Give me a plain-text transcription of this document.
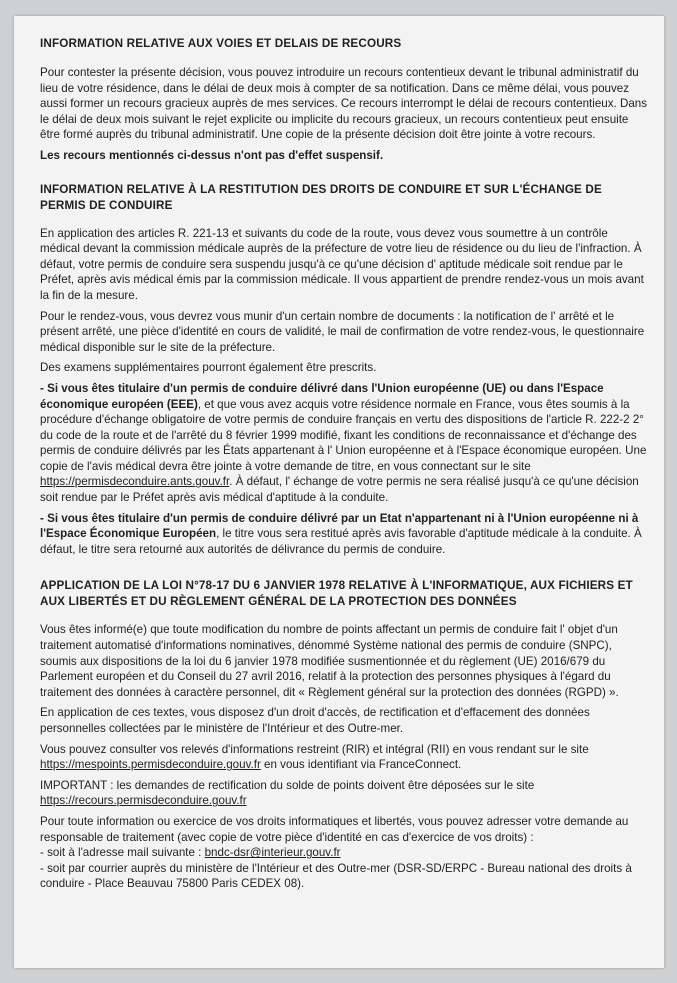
INFORMATION RELATIVE AUX VOIES ET DELAIS DE RECOURS
Pour contester la présente décision, vous pouvez introduire un recours contentieux devant le tribunal administratif du lieu de votre résidence, dans le délai de deux mois à compter de sa notification. Dans ce même délai, vous pouvez aussi former un recours gracieux auprès de mes services. Ce recours interrompt le délai de recours contentieux. Dans le délai de deux mois suivant le rejet explicite ou implicite du recours gracieux, un recours contentieux peut ensuite être formé auprès du tribunal administratif. Une copie de la présente décision doit être jointe à votre recours.
Les recours mentionnés ci-dessus n'ont pas d'effet suspensif.
INFORMATION RELATIVE À LA RESTITUTION DES DROITS DE CONDUIRE ET SUR L'ÉCHANGE DE PERMIS DE CONDUIRE
En application des articles R. 221-13 et suivants du code de la route, vous devez vous soumettre à un contrôle médical devant la commission médicale auprès de la préfecture de votre lieu de résidence ou du lieu de l'infraction. À défaut, votre permis de conduire sera suspendu jusqu'à ce qu'une décision d' aptitude médicale soit rendue par le Préfet, après avis médical émis par la commission médicale. Il vous appartient de prendre rendez-vous un mois avant la fin de la mesure.
Pour le rendez-vous, vous devrez vous munir d'un certain nombre de documents : la notification de l' arrêté et le présent arrêté, une pièce d'identité en cours de validité, le mail de confirmation de votre rendez-vous, le questionnaire médical disponible sur le site de la préfecture.
Des examens supplémentaires pourront également être prescrits.
- Si vous êtes titulaire d'un permis de conduire délivré dans l'Union européenne (UE) ou dans l'Espace économique européen (EEE), et que vous avez acquis votre résidence normale en France, vous êtes soumis à la procédure d'échange obligatoire de votre permis de conduire français en vertu des dispositions de l'article R. 222-2 2° du code de la route et de l'arrêté du 8 février 1999 modifié, fixant les conditions de reconnaissance et d'échange des permis de conduire délivrés par les États appartenant à l' Union européenne et à l'Espace économique européen. Une copie de l'avis médical devra être jointe à votre demande de titre, en vous connectant sur le site https://permisdeconduire.ants.gouv.fr. À défaut, l' échange de votre permis ne sera réalisé jusqu'à ce qu'une décision soit rendue par le Préfet après avis médical d'aptitude à la conduite.
- Si vous êtes titulaire d'un permis de conduire délivré par un Etat n'appartenant ni à l'Union européenne ni à l'Espace Économique Européen, le titre vous sera restitué après avis favorable d'aptitude médicale à la conduite. À défaut, le titre sera retourné aux autorités de délivrance du permis de conduire.
APPLICATION DE LA LOI N°78-17 DU 6 JANVIER 1978 RELATIVE À L'INFORMATIQUE, AUX FICHIERS ET AUX LIBERTÉS ET DU RÈGLEMENT GÉNÉRAL DE LA PROTECTION DES DONNÉES
Vous êtes informé(e) que toute modification du nombre de points affectant un permis de conduire fait l' objet d'un traitement automatisé d'informations nominatives, dénommé Système national des permis de conduire (SNPC), soumis aux dispositions de la loi du 6 janvier 1978 modifiée susmentionnée et du règlement (UE) 2016/679 du Parlement européen et du Conseil du 27 avril 2016, relatif à la protection des personnes physiques à l'égard du traitement des données à caractère personnel, dit « Règlement général sur la protection des données (RGPD) ».
En application de ces textes, vous disposez d'un droit d'accès, de rectification et d'effacement des données personnelles collectées par le ministère de l'Intérieur et des Outre-mer.
Vous pouvez consulter vos relevés d'informations restreint (RIR) et intégral (RII) en vous rendant sur le site https://mespoints.permisdeconduire.gouv.fr en vous identifiant via FranceConnect.
IMPORTANT : les demandes de rectification du solde de points doivent être déposées sur le site https://recours.permisdeconduire.gouv.fr
Pour toute information ou exercice de vos droits informatiques et libertés, vous pouvez adresser votre demande au responsable de traitement (avec copie de votre pièce d'identité en cas d'exercice de vos droits) :
- soit à l'adresse mail suivante : bndc-dsr@interieur.gouv.fr
- soit par courrier auprès du ministère de l'Intérieur et des Outre-mer (DSR-SD/ERPC - Bureau national des droits à conduire - Place Beauvau 75800 Paris CEDEX 08).
